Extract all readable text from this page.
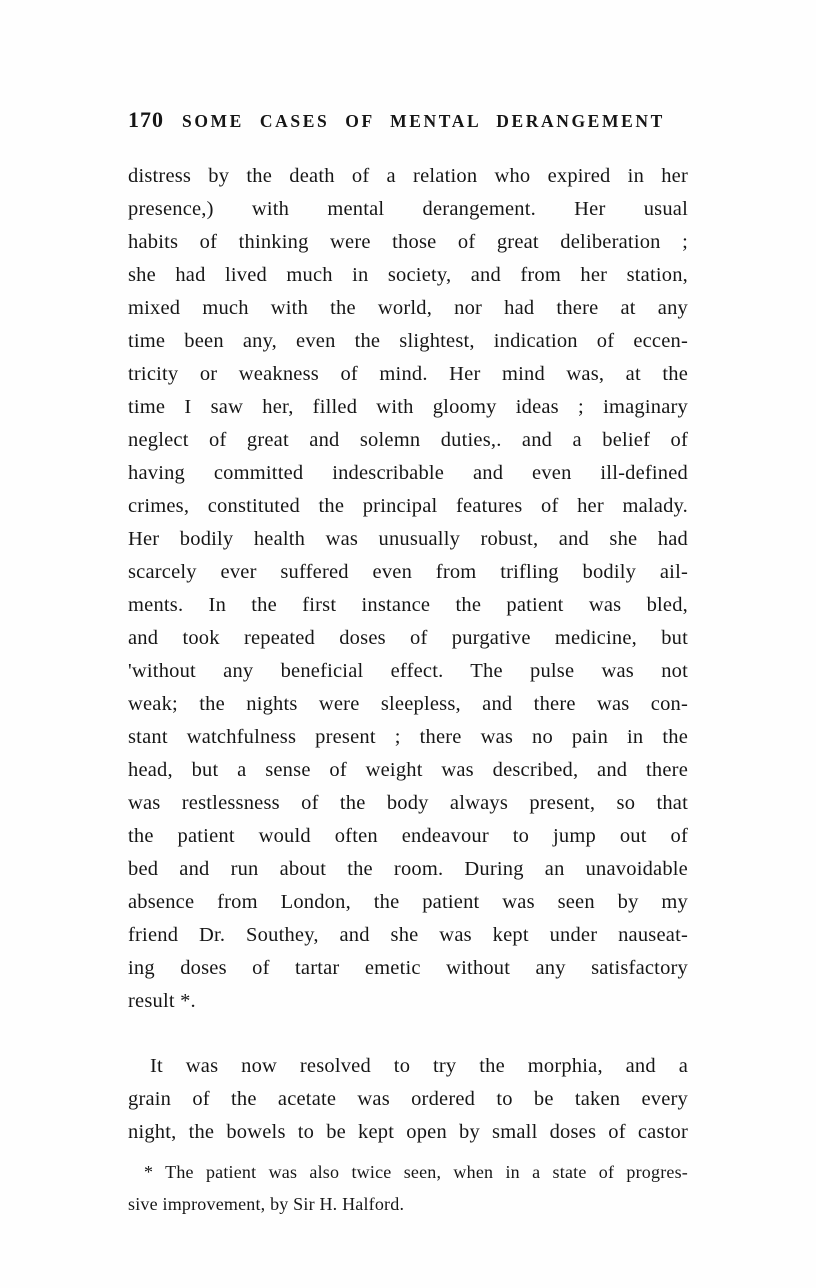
170 SOME CASES OF MENTAL DERANGEMENT
distress by the death of a relation who expired in her
presence,) with mental derangement. Her usual
habits of thinking were those of great deliberation ;
she had lived much in society, and from her station,
mixed much with the world, nor had there at any
time been any, even the slightest, indication of eccen-
tricity or weakness of mind. Her mind was, at the
time I saw her, filled with gloomy ideas ; imaginary
neglect of great and solemn duties,. and a belief of
having committed indescribable and even ill-defined
crimes, constituted the principal features of her malady.
Her bodily health was unusually robust, and she had
scarcely ever suffered even from trifling bodily ail-
ments. In the first instance the patient was bled,
and took repeated doses of purgative medicine, but
'without any beneficial effect. The pulse was not
weak; the nights were sleepless, and there was con-
stant watchfulness present ; there was no pain in the
head, but a sense of weight was described, and there
was restlessness of the body always present, so that
the patient would often endeavour to jump out of
bed and run about the room. During an unavoidable
absence from London, the patient was seen by my
friend Dr. Southey, and she was kept under nauseat-
ing doses of tartar emetic without any satisfactory
result *.
It was now resolved to try the morphia, and a
grain of the acetate was ordered to be taken every
night, the bowels to be kept open by small doses of castor
* The patient was also twice seen, when in a state of progres-
sive improvement, by Sir H. Halford.
